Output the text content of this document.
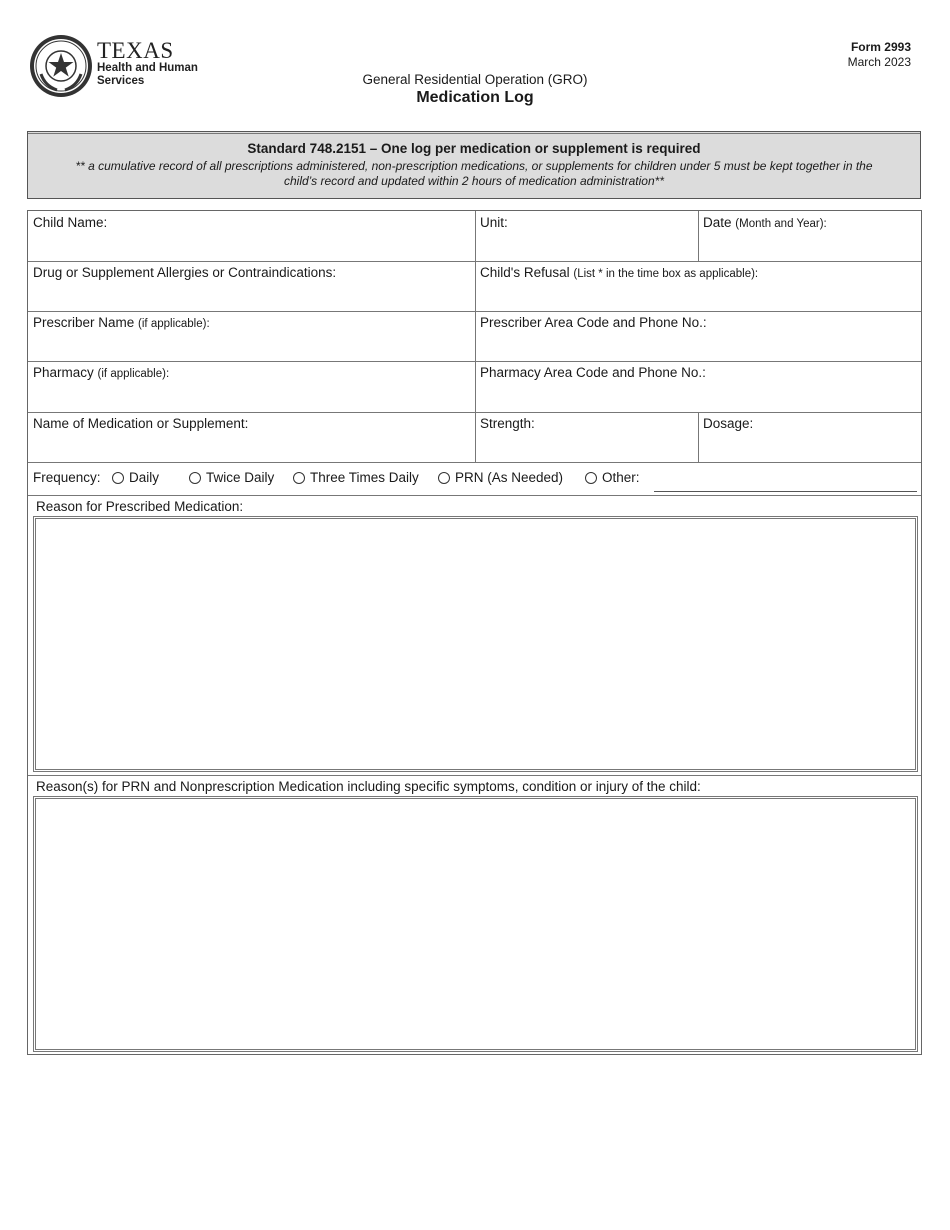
TEXAS
Health and Human
Services
Form 2993
March 2023
General Residential Operation (GRO)
Medication Log
Standard 748.2151 – One log per medication or supplement is required
** a cumulative record of all prescriptions administered, non-prescription medications, or supplements for children under 5 must be kept together in the child’s record and updated within 2 hours of medication administration**
Child Name:	Unit:	Date (Month and Year):
Drug or Supplement Allergies or Contraindications:	Child's Refusal (List * in the time box as applicable):
Prescriber Name (if applicable):	Prescriber Area Code and Phone No.:
Pharmacy (if applicable):	Pharmacy Area Code and Phone No.:
Name of Medication or Supplement:	Strength:	Dosage:
Frequency:	Daily	Twice Daily	Three Times Daily	PRN (As Needed)	Other:
Reason for Prescribed Medication:
Reason(s) for PRN and Nonprescription Medication including specific symptoms, condition or injury of the child:
